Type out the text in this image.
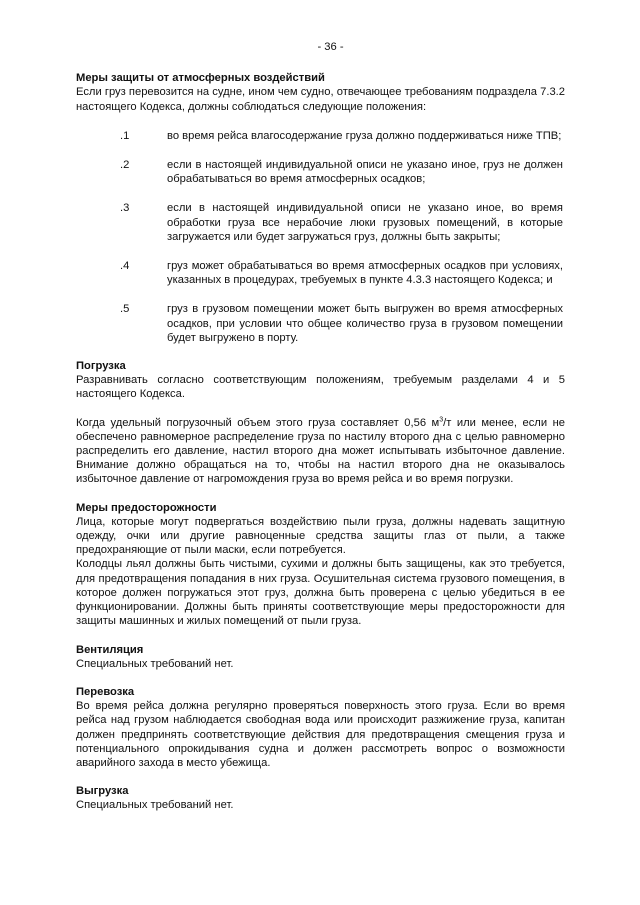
- 36 -

Меры защиты от атмосферных воздействий

Если груз перевозится на судне, ином чем судно, отвечающее требованиям подраздела 7.3.2 настоящего Кодекса, должны соблюдаться следующие положения:

.1	во время рейса влагосодержание груза должно поддерживаться ниже ТПВ;
.2	если в настоящей индивидуальной описи не указано иное, груз не должен обрабатываться во время атмосферных осадков;
.3	если в настоящей индивидуальной описи не указано иное, во время обработки груза все нерабочие люки грузовых помещений, в которые загружается или будет загружаться груз, должны быть закрыты;
.4	груз может обрабатываться во время атмосферных осадков при условиях, указанных в процедурах, требуемых в пункте 4.3.3 настоящего Кодекса; и
.5	груз в грузовом помещении может быть выгружен во время атмосферных осадков, при условии что общее количество груза в грузовом помещении будет выгружено в порту.

Погрузка

Разравнивать согласно соответствующим положениям, требуемым разделами 4 и 5 настоящего Кодекса.

Когда удельный погрузочный объем этого груза составляет 0,56 $м^3/т$ или менее, если не обеспечено равномерное распределение груза по настилу второго дна с целью равномерно распределить его давление, настил второго дна может испытывать избыточное давление. Внимание должно обращаться на то, чтобы на настил второго дна не оказывалось избыточное давление от нагромождения груза во время рейса и во время погрузки.

Меры предосторожности

Лица, которые могут подвергаться воздействию пыли груза, должны надевать защитную одежду, очки или другие равноценные средства защиты глаз от пыли, а также предохраняющие от пыли маски, если потребуется.

Колодцы льял должны быть чистыми, сухими и должны быть защищены, как это требуется, для предотвращения попадания в них груза. Осушительная система грузового помещения, в которое должен погружаться этот груз, должна быть проверена с целью убедиться в ее функционировании. Должны быть приняты соответствующие меры предосторожности для защиты машинных и жилых помещений от пыли груза.

Вентиляция

Специальных требований нет.

Перевозка

Во время рейса должна регулярно проверяться поверхность этого груза. Если во время рейса над грузом наблюдается свободная вода или происходит разжижение груза, капитан должен предпринять соответствующие действия для предотвращения смещения груза и потенциального опрокидывания судна и должен рассмотреть вопрос о возможности аварийного захода в место убежища.

Выгрузка

Специальных требований нет.
